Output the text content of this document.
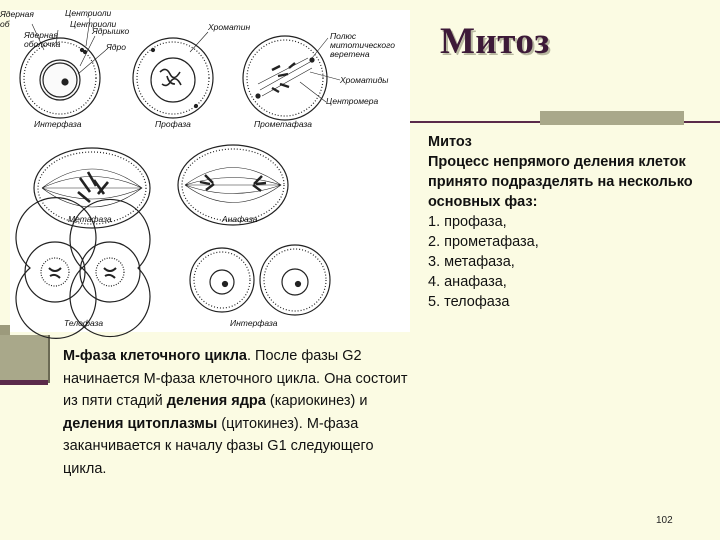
Митоз
Ядерная
об
Центриоли
Центриоли
Ядрышко
Ядро
Хроматин
Полюс митотического веретена
Хроматиды
Центромера
Интерфаза	Профаза	Прометафаза
Метафаза	Анафаза
Телофаза	Интерфаза
Ядерная оболочка
Митоз
Процесс непрямого деления клеток принято подразделять на несколько основных фаз:
1. профаза,
2. прометафаза,
3. метафаза,
4. анафаза,
5. телофаза
М-фаза клеточного цикла. После фазы G2 начинается М-фаза клеточного цикла. Она состоит из пяти стадий деления ядра (кариокинез) и деления цитоплазмы (цитокинез). М-фаза заканчивается к началу фазы G1 следующего цикла.
102
